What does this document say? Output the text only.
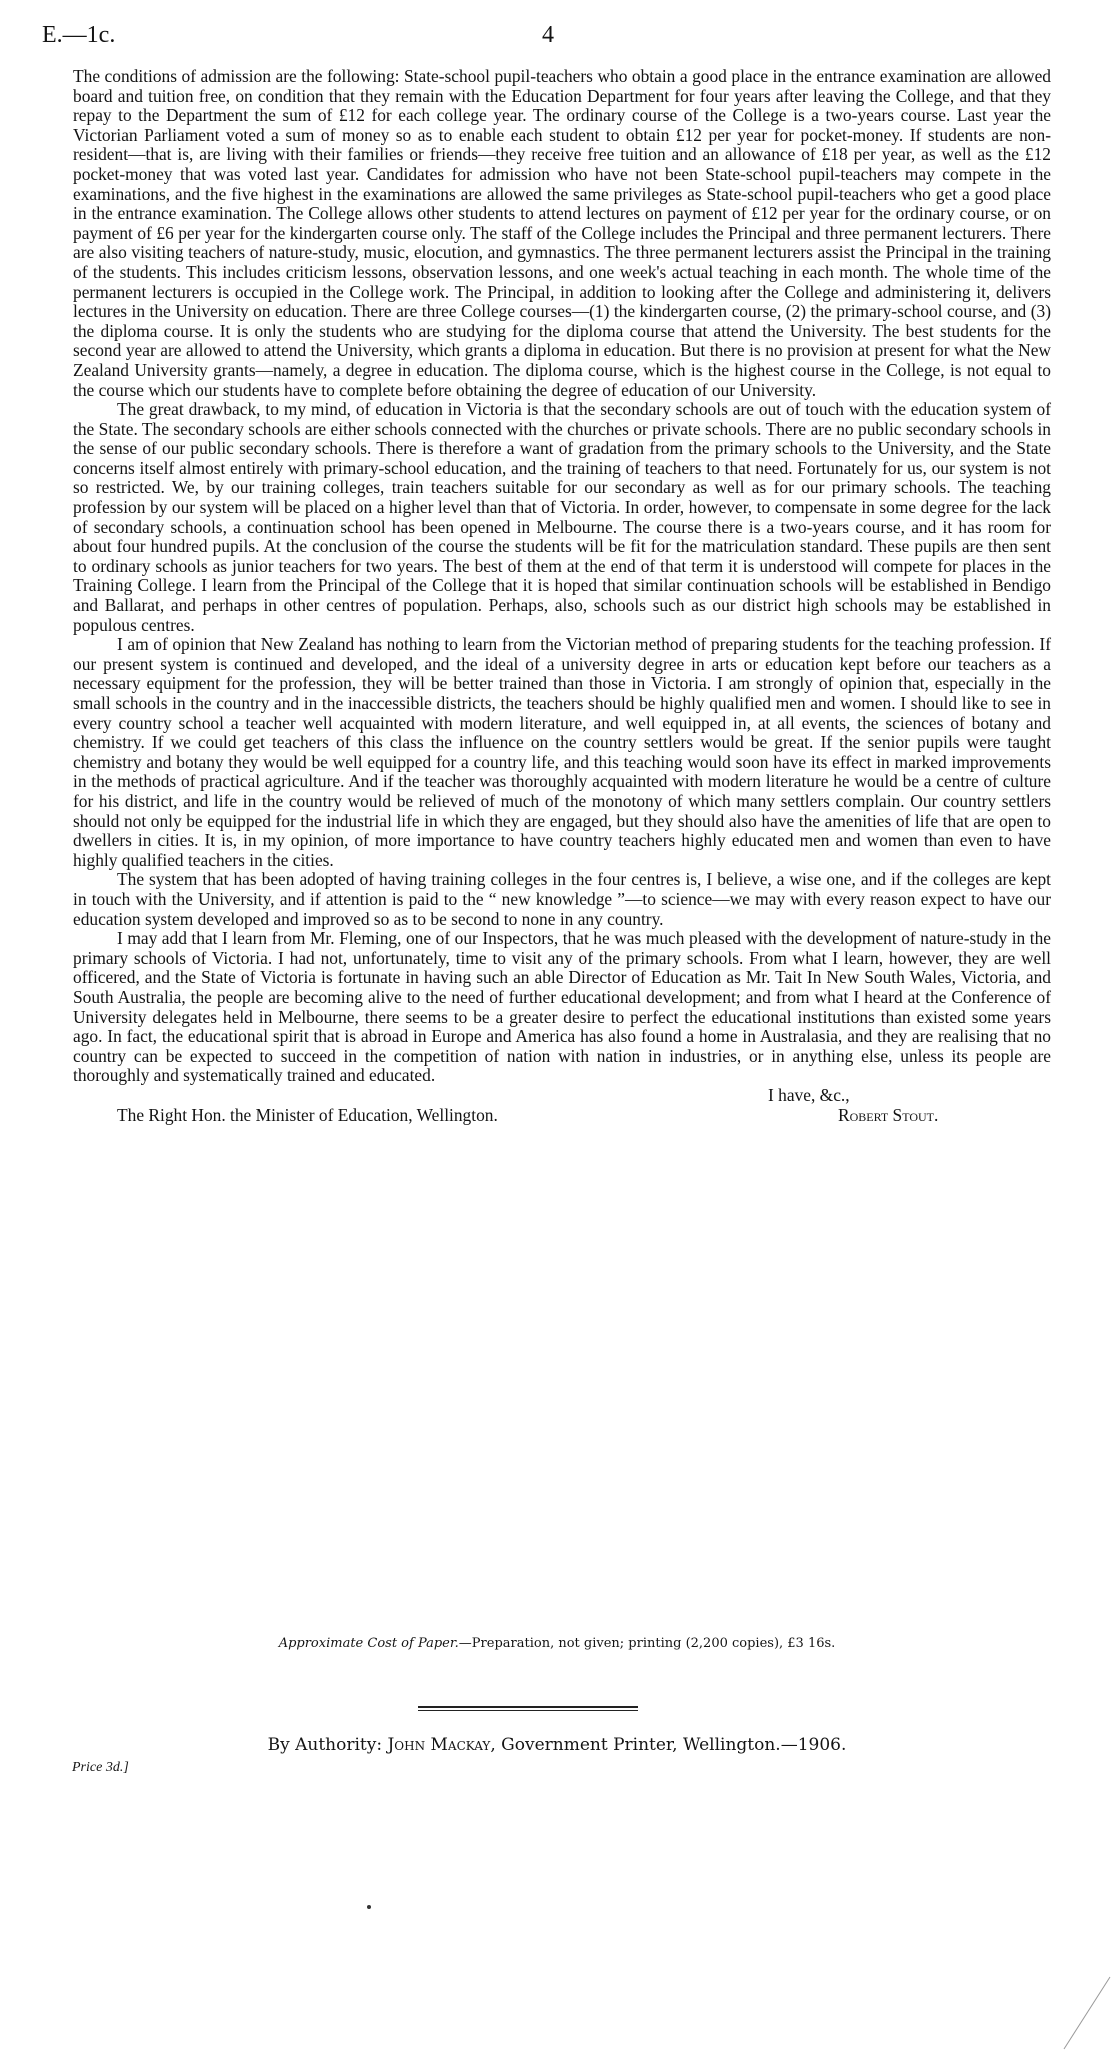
E.—1c.	4

The conditions of admission are the following: State-school pupil-teachers who obtain a good place in the entrance examination are allowed board and tuition free, on condition that they remain with the Education Department for four years after leaving the College, and that they repay to the Department the sum of £12 for each college year. The ordinary course of the College is a two-years course. Last year the Victorian Parliament voted a sum of money so as to enable each student to obtain £12 per year for pocket-money. If students are non-resident—that is, are living with their families or friends—they receive free tuition and an allowance of £18 per year, as well as the £12 pocket-money that was voted last year. Candidates for admission who have not been State-school pupil-teachers may compete in the examinations, and the five highest in the examinations are allowed the same privileges as State-school pupil-teachers who get a good place in the entrance examination. The College allows other students to attend lectures on payment of £12 per year for the ordinary course, or on payment of £6 per year for the kindergarten course only. The staff of the College includes the Principal and three permanent lecturers. There are also visiting teachers of nature-study, music, elocution, and gymnastics. The three permanent lecturers assist the Principal in the training of the students. This includes criticism lessons, observation lessons, and one week's actual teaching in each month. The whole time of the permanent lecturers is occupied in the College work. The Principal, in addition to looking after the College and administering it, delivers lectures in the University on education. There are three College courses—(1) the kindergarten course, (2) the primary-school course, and (3) the diploma course. It is only the students who are studying for the diploma course that attend the University. The best students for the second year are allowed to attend the University, which grants a diploma in education. But there is no provision at present for what the New Zealand University grants—namely, a degree in education. The diploma course, which is the highest course in the College, is not equal to the course which our students have to complete before obtaining the degree of education of our University.

The great drawback, to my mind, of education in Victoria is that the secondary schools are out of touch with the education system of the State. The secondary schools are either schools connected with the churches or private schools. There are no public secondary schools in the sense of our public secondary schools. There is therefore a want of gradation from the primary schools to the University, and the State concerns itself almost entirely with primary-school education, and the training of teachers to that need. Fortunately for us, our system is not so restricted. We, by our training colleges, train teachers suitable for our secondary as well as for our primary schools. The teaching profession by our system will be placed on a higher level than that of Victoria. In order, however, to compensate in some degree for the lack of secondary schools, a continuation school has been opened in Melbourne. The course there is a two-years course, and it has room for about four hundred pupils. At the conclusion of the course the students will be fit for the matriculation standard. These pupils are then sent to ordinary schools as junior teachers for two years. The best of them at the end of that term it is understood will compete for places in the Training College. I learn from the Principal of the College that it is hoped that similar continuation schools will be established in Bendigo and Ballarat, and perhaps in other centres of population. Perhaps, also, schools such as our district high schools may be established in populous centres.

I am of opinion that New Zealand has nothing to learn from the Victorian method of preparing students for the teaching profession. If our present system is continued and developed, and the ideal of a university degree in arts or education kept before our teachers as a necessary equipment for the profession, they will be better trained than those in Victoria. I am strongly of opinion that, especially in the small schools in the country and in the inaccessible districts, the teachers should be highly qualified men and women. I should like to see in every country school a teacher well acquainted with modern literature, and well equipped in, at all events, the sciences of botany and chemistry. If we could get teachers of this class the influence on the country settlers would be great. If the senior pupils were taught chemistry and botany they would be well equipped for a country life, and this teaching would soon have its effect in marked improvements in the methods of practical agriculture. And if the teacher was thoroughly acquainted with modern literature he would be a centre of culture for his district, and life in the country would be relieved of much of the monotony of which many settlers complain. Our country settlers should not only be equipped for the industrial life in which they are engaged, but they should also have the amenities of life that are open to dwellers in cities. It is, in my opinion, of more importance to have country teachers highly educated men and women than even to have highly qualified teachers in the cities.

The system that has been adopted of having training colleges in the four centres is, I believe, a wise one, and if the colleges are kept in touch with the University, and if attention is paid to the “ new knowledge ”—to science—we may with every reason expect to have our education system developed and improved so as to be second to none in any country.

I may add that I learn from Mr. Fleming, one of our Inspectors, that he was much pleased with the development of nature-study in the primary schools of Victoria. I had not, unfortunately, time to visit any of the primary schools. From what I learn, however, they are well officered, and the State of Victoria is fortunate in having such an able Director of Education as Mr. Tait In New South Wales, Victoria, and South Australia, the people are becoming alive to the need of further educational development; and from what I heard at the Conference of University delegates held in Melbourne, there seems to be a greater desire to perfect the educational institutions than existed some years ago. In fact, the educational spirit that is abroad in Europe and America has also found a home in Australasia, and they are realising that no country can be expected to succeed in the competition of nation with nation in industries, or in anything else, unless its people are thoroughly and systematically trained and educated.

I have, &c.,
The Right Hon. the Minister of Education, Wellington.	Robert Stout.
Approximate Cost of Paper.—Preparation, not given; printing (2,200 copies), £3 16s.
By Authority: John Mackay, Government Printer, Wellington.—1906.
Price 3d.]
